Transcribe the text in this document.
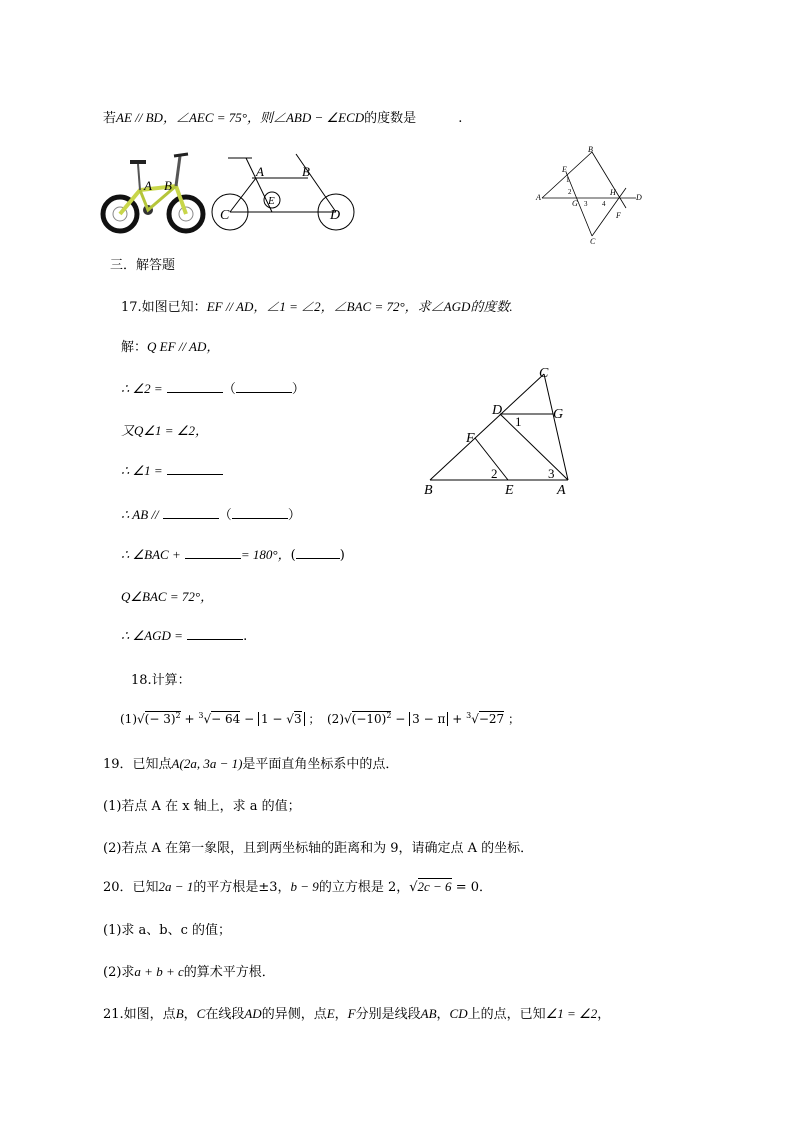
若AE // BD，∠AEC = 75°，则∠ABD − ∠ECD的度数是	.
A B
A	B
C	D
E	A
B
C
D
E
F
G
H
1
2
3 4
三．解答题
17.如图已知：EF // AD，∠1 = ∠2，∠BAC = 72°，求∠AGD的度数.
解：Q EF // AD，
∴ ∠2 =	（	）
又Q∠1 = ∠2，
∴ ∠1 =
∴ AB //	（	）
∴ ∠BAC +	= 180°，(	)
Q∠BAC = 72°，
∴ ∠AGD =	.
C
D	G
F
B	E	A
1
2	3
18.计算：
$(1)√(- 3)^2 + ^3√- 64 - 1 - √3$ ； $(2)√(-10)^2 - 3 - \pi + ^3√-27$ ；
19．已知点A(2a, 3a − 1)是平面直角坐标系中的点．
(1)若点 A 在 x 轴上，求 a 的值；
(2)若点 A 在第一象限，且到两坐标轴的距离和为 9，请确定点 A 的坐标．
20．已知2a − 1的平方根是±3，b − 9的立方根是 2，√2c − 6 = 0．
(1)求 a、b、c 的值；
(2)求a + b + c的算术平方根．
21.如图，点B，C在线段AD的异侧，点E，F分别是线段AB，CD上的点，已知∠1 = ∠2，
